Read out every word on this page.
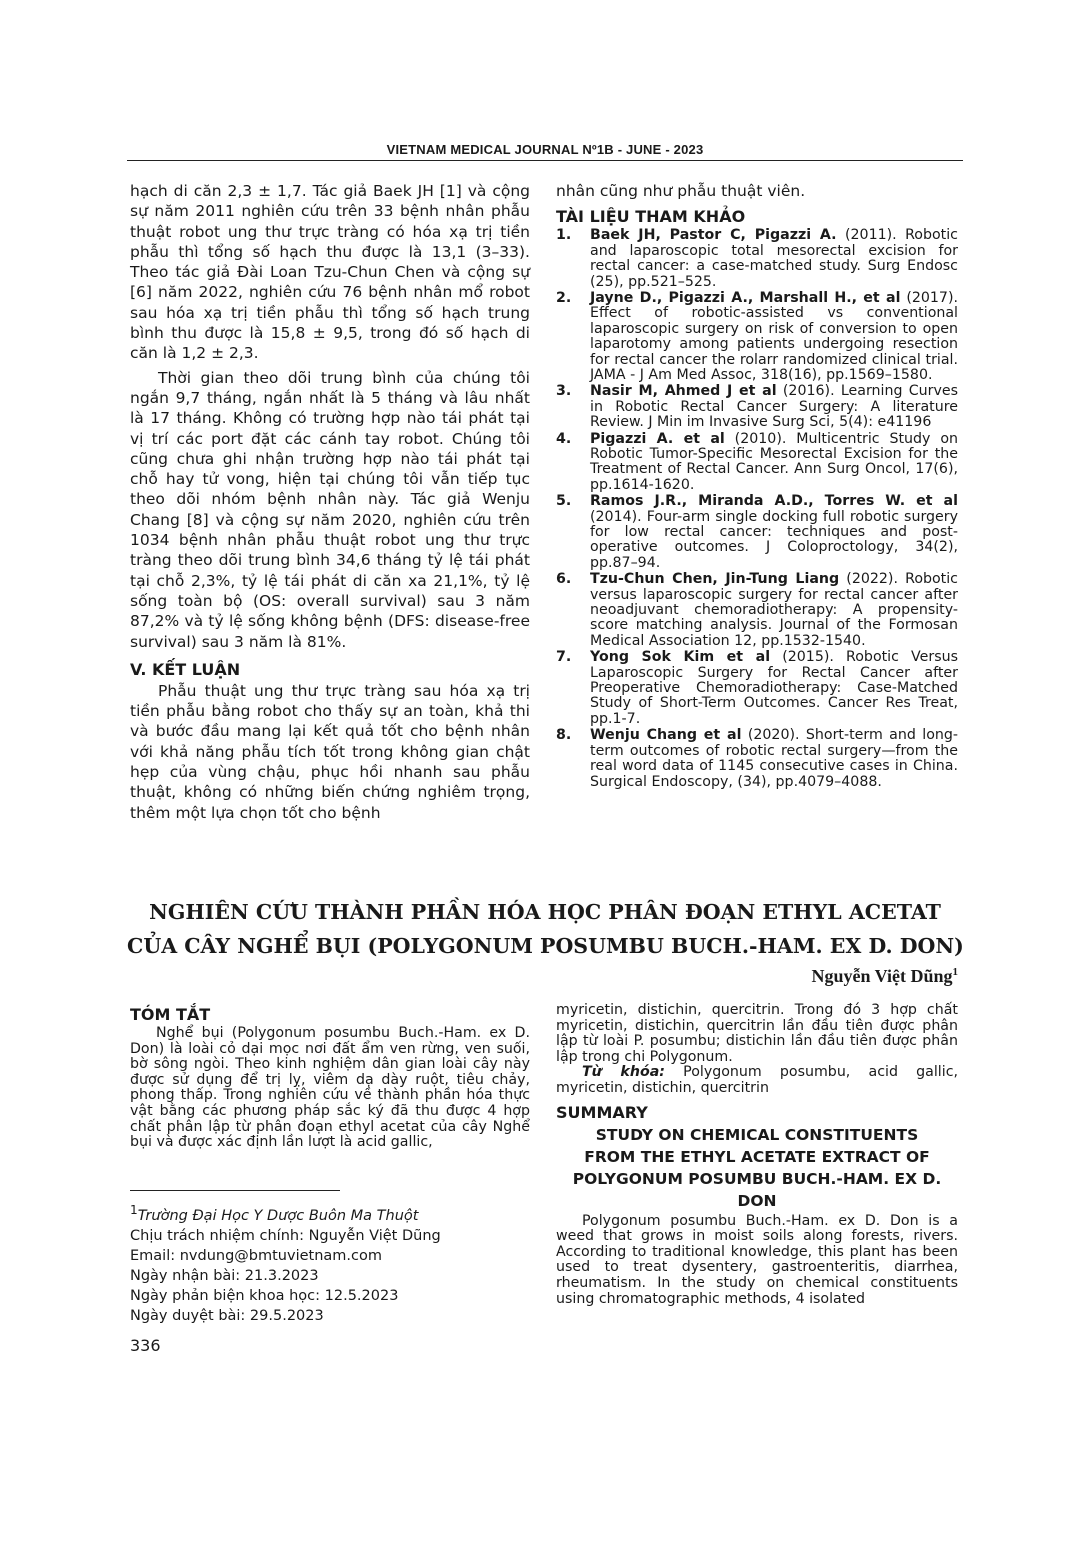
VIETNAM MEDICAL JOURNAL Nº1B - JUNE - 2023

hạch di căn 2,3 ± 1,7. Tác giả Baek JH [1] và cộng sự năm 2011 nghiên cứu trên 33 bệnh nhân phẫu thuật robot ung thư trực tràng có hóa xạ trị tiền phẫu thì tổng số hạch thu được là 13,1 (3–33). Theo tác giả Đài Loan Tzu-Chun Chen và cộng sự [6] năm 2022, nghiên cứu 76 bệnh nhân mổ robot sau hóa xạ trị tiền phẫu thì tổng số hạch trung bình thu được là 15,8 ± 9,5, trong đó số hạch di căn là 1,2 ± 2,3.

Thời gian theo dõi trung bình của chúng tôi ngắn 9,7 tháng, ngắn nhất là 5 tháng và lâu nhất là 17 tháng. Không có trường hợp nào tái phát tại vị trí các port đặt các cánh tay robot. Chúng tôi cũng chưa ghi nhận trường hợp nào tái phát tại chỗ hay tử vong, hiện tại chúng tôi vẫn tiếp tục theo dõi nhóm bệnh nhân này. Tác giả Wenju Chang [8] và cộng sự năm 2020, nghiên cứu trên 1034 bệnh nhân phẫu thuật robot ung thư trực tràng theo dõi trung bình 34,6 tháng tỷ lệ tái phát tại chỗ 2,3%, tỷ lệ tái phát di căn xa 21,1%, tỷ lệ sống toàn bộ (OS: overall survival) sau 3 năm 87,2% và tỷ lệ sống không bệnh (DFS: disease-free survival) sau 3 năm là 81%.

V. KẾT LUẬN

Phẫu thuật ung thư trực tràng sau hóa xạ trị tiền phẫu bằng robot cho thấy sự an toàn, khả thi và bước đầu mang lại kết quả tốt cho bệnh nhân với khả năng phẫu tích tốt trong không gian chật hẹp của vùng chậu, phục hồi nhanh sau phẫu thuật, không có những biến chứng nghiêm trọng, thêm một lựa chọn tốt cho bệnh

nhân cũng như phẫu thuật viên.

TÀI LIỆU THAM KHẢO
1. Baek JH, Pastor C, Pigazzi A. (2011). Robotic and laparoscopic total mesorectal excision for rectal cancer: a case-matched study. Surg Endosc (25), pp.521–525.
2. Jayne D., Pigazzi A., Marshall H., et al (2017). Effect of robotic-assisted vs conventional laparoscopic surgery on risk of conversion to open laparotomy among patients undergoing resection for rectal cancer the rolarr randomized clinical trial. JAMA - J Am Med Assoc, 318(16), pp.1569–1580.
3. Nasir M, Ahmed J et al (2016). Learning Curves in Robotic Rectal Cancer Surgery: A literature Review. J Min im Invasive Surg Sci, 5(4): e41196
4. Pigazzi A. et al (2010). Multicentric Study on Robotic Tumor-Specific Mesorectal Excision for the Treatment of Rectal Cancer. Ann Surg Oncol, 17(6), pp.1614-1620.
5. Ramos J.R., Miranda A.D., Torres W. et al (2014). Four-arm single docking full robotic surgery for low rectal cancer: techniques and post-operative outcomes. J Coloproctology, 34(2), pp.87–94.
6. Tzu-Chun Chen, Jin-Tung Liang (2022). Robotic versus laparoscopic surgery for rectal cancer after neoadjuvant chemoradiotherapy: A propensity-score matching analysis. Journal of the Formosan Medical Association 12, pp.1532-1540.
7. Yong Sok Kim et al (2015). Robotic Versus Laparoscopic Surgery for Rectal Cancer after Preoperative Chemoradiotherapy: Case-Matched Study of Short-Term Outcomes. Cancer Res Treat, pp.1-7.
8. Wenju Chang et al (2020). Short-term and long-term outcomes of robotic rectal surgery—from the real word data of 1145 consecutive cases in China. Surgical Endoscopy, (34), pp.4079–4088.
NGHIÊN CỨU THÀNH PHẦN HÓA HỌC PHÂN ĐOẠN ETHYL ACETAT
CỦA CÂY NGHỂ BỤI (POLYGONUM POSUMBU BUCH.-HAM. EX D. DON)
Nguyễn Việt Dũng$^1$
TÓM TẮT

Nghể bụi (Polygonum posumbu Buch.-Ham. ex D. Don) là loài cỏ dại mọc nơi đất ẩm ven rừng, ven suối, bờ sông ngòi. Theo kinh nghiệm dân gian loài cây này được sử dụng để trị lỵ, viêm dạ dày ruột, tiêu chảy, phong thấp. Trong nghiên cứu về thành phần hóa thực vật bằng các phương pháp sắc ký đã thu được 4 hợp chất phân lập từ phân đoạn ethyl acetat của cây Nghể bụi và được xác định lần lượt là acid gallic,

$^1$Trường Đại Học Y Dược Buôn Ma Thuột
Chịu trách nhiệm chính: Nguyễn Việt Dũng
Email: nvdung@bmtuvietnam.com
Ngày nhận bài: 21.3.2023
Ngày phản biện khoa học: 12.5.2023
Ngày duyệt bài: 29.5.2023
336

myricetin, distichin, quercitrin. Trong đó 3 hợp chất myricetin, distichin, quercitrin lần đầu tiên được phân lập từ loài P. posumbu; distichin lần đầu tiên được phân lập trong chi Polygonum.

Từ khóa: Polygonum posumbu, acid gallic, myricetin, distichin, quercitrin

SUMMARY
STUDY ON CHEMICAL CONSTITUENTS
FROM THE ETHYL ACETATE EXTRACT OF
POLYGONUM POSUMBU BUCH.-HAM. EX D. DON

Polygonum posumbu Buch.-Ham. ex D. Don is a weed that grows in moist soils along forests, rivers. According to traditional knowledge, this plant has been used to treat dysentery, gastroenteritis, diarrhea, rheumatism. In the study on chemical constituents using chromatographic methods, 4 isolated
